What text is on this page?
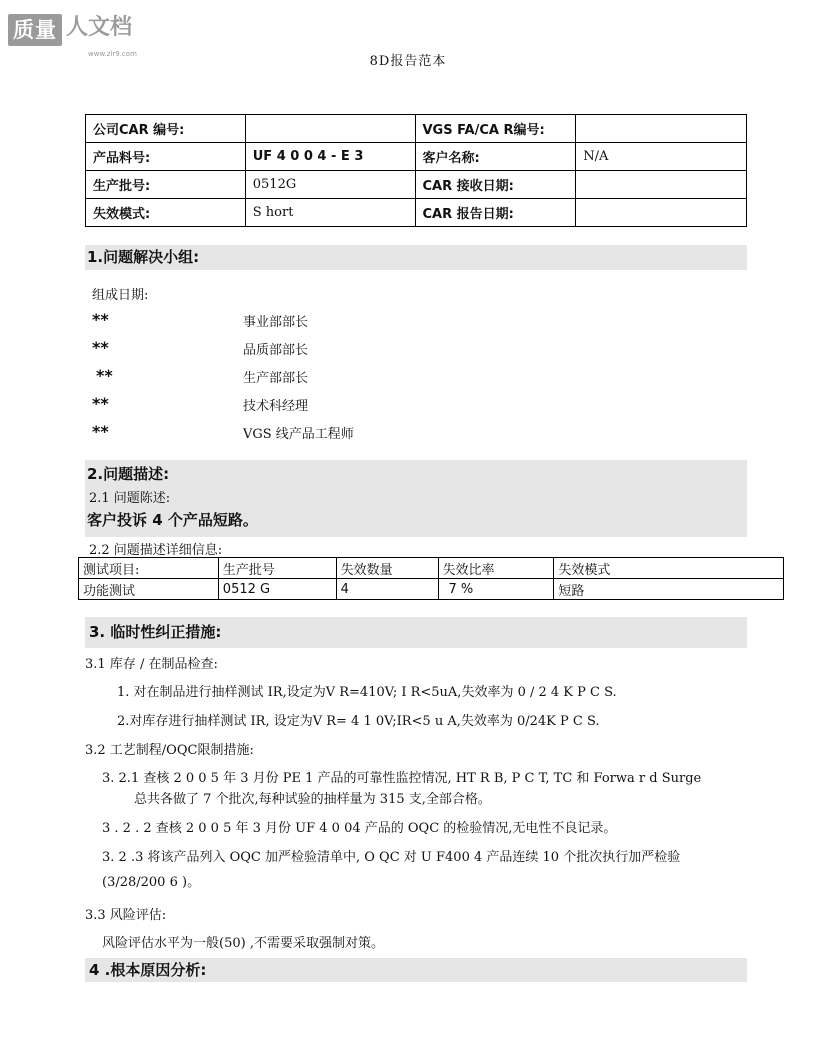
质量 人文档
www.zlr9.com	8D报告范本
公司CAR 编号:		VGS FA/CA R编号:	
产品料号:	UF 4 0 0 4 - E 3	客户名称:	N/A
生产批号:	0512G	CAR 接收日期:	
失效模式:	S hort	CAR 报告日期:	
1.问题解决小组:
组成日期:
**	事业部部长
**	品质部部长
**	生产部部长
**	技术科经理
**	VGS 线产品工程师
2.问题描述:
2.1 问题陈述:
客户投诉 4 个产品短路。
2.2 问题描述详细信息:
测试项目:	生产批号	失效数量	失效比率	失效模式
功能测试	0512 G	4	7 %	短路
3. 临时性纠正措施:
3.1 库存 / 在制品检查:
1. 对在制品进行抽样测试 IR,设定为V R=410V; I R<5uA,失效率为 0 / 2 4 K P C S.
2.对库存进行抽样测试 IR, 设定为V R= 4 1 0V;IR<5 u A,失效率为 0/24K P C S.
3.2 工艺制程/OQC限制措施:
3. 2.1 查核 2 0 0 5 年 3 月份 PE 1 产品的可靠性监控情况, HT R B, P C T, TC 和 Forwa r d Surge
总共各做了 7 个批次,每种试验的抽样量为 315 支,全部合格。
3 . 2 . 2 查核 2 0 0 5 年 3 月份 UF 4 0 04 产品的 OQC 的检验情况,无电性不良记录。
3. 2 .3 将该产品列入 OQC 加严检验清单中, O QC 对 U F400 4 产品连续 10 个批次执行加严检验
(3/28/200 6 )。
3.3 风险评估:
风险评估水平为一般(50) ,不需要采取强制对策。
4 .根本原因分析:
